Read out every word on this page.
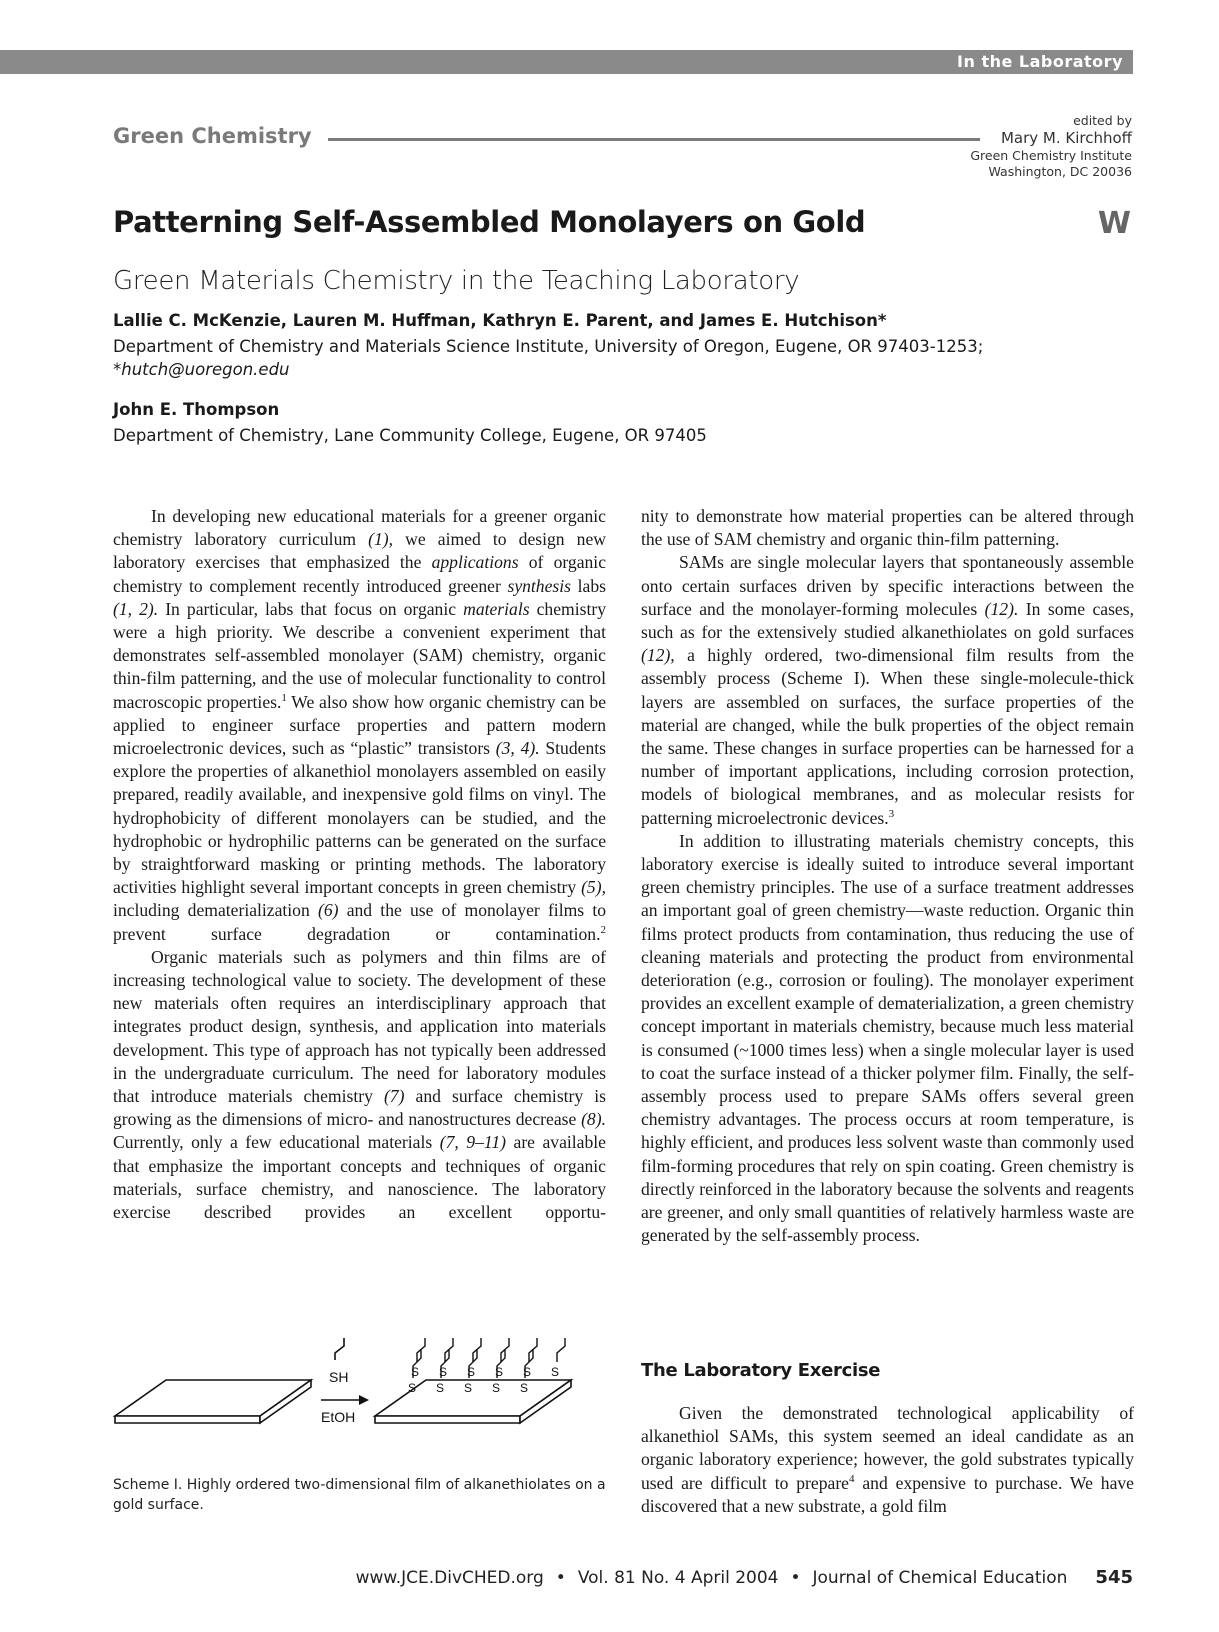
In the Laboratory
Green Chemistry
edited by
Mary M. Kirchhoff
Green Chemistry Institute
Washington, DC 20036
Patterning Self-Assembled Monolayers on Gold	W
Green Materials Chemistry in the Teaching Laboratory
Lallie C. McKenzie, Lauren M. Huffman, Kathryn E. Parent, and James E. Hutchison*
Department of Chemistry and Materials Science Institute, University of Oregon, Eugene, OR 97403-1253;
*hutch@uoregon.edu
John E. Thompson
Department of Chemistry, Lane Community College, Eugene, OR 97405

In developing new educational materials for a greener organic chemistry laboratory curriculum (1), we aimed to design new laboratory exercises that emphasized the applications of organic chemistry to complement recently introduced greener synthesis labs (1, 2). In particular, labs that focus on organic materials chemistry were a high priority. We describe a convenient experiment that demonstrates self-assembled monolayer (SAM) chemistry, organic thin-film patterning, and the use of molecular functionality to control macroscopic properties.$^1$ We also show how organic chemistry can be applied to engineer surface properties and pattern modern microelectronic devices, such as “plastic” transistors (3, 4). Students explore the properties of alkanethiol monolayers assembled on easily prepared, readily available, and inexpensive gold films on vinyl. The hydrophobicity of different monolayers can be studied, and the hydrophobic or hydrophilic patterns can be generated on the surface by straightforward masking or printing methods. The laboratory activities highlight several important concepts in green chemistry (5), including dematerialization (6) and the use of monolayer films to prevent surface degradation or contamination.$^2$

Organic materials such as polymers and thin films are of increasing technological value to society. The development of these new materials often requires an interdisciplinary approach that integrates product design, synthesis, and application into materials development. This type of approach has not typically been addressed in the undergraduate curriculum. The need for laboratory modules that introduce materials chemistry (7) and surface chemistry is growing as the dimensions of micro- and nanostructures decrease (8). Currently, only a few educational materials (7, 9–11) are available that emphasize the important concepts and techniques of organic materials, surface chemistry, and nanoscience. The laboratory exercise described provides an excellent opportu-

nity to demonstrate how material properties can be altered through the use of SAM chemistry and organic thin-film patterning.

SAMs are single molecular layers that spontaneously assemble onto certain surfaces driven by specific interactions between the surface and the monolayer-forming molecules (12). In some cases, such as for the extensively studied alkanethiolates on gold surfaces (12), a highly ordered, two-dimensional film results from the assembly process (Scheme I). When these single-molecule-thick layers are assembled on surfaces, the surface properties of the material are changed, while the bulk properties of the object remain the same. These changes in surface properties can be harnessed for a number of important applications, including corrosion protection, models of biological membranes, and as molecular resists for patterning microelectronic devices.$^3$

In addition to illustrating materials chemistry concepts, this laboratory exercise is ideally suited to introduce several important green chemistry principles. The use of a surface treatment addresses an important goal of green chemistry—waste reduction. Organic thin films protect products from contamination, thus reducing the use of cleaning materials and protecting the product from environmental deterioration (e.g., corrosion or fouling). The monolayer experiment provides an excellent example of dematerialization, a green chemistry concept important in materials chemistry, because much less material is consumed (~1000 times less) when a single molecular layer is used to coat the surface instead of a thicker polymer film. Finally, the self-assembly process used to prepare SAMs offers several green chemistry advantages. The process occurs at room temperature, is highly efficient, and produces less solvent waste than commonly used film-forming procedures that rely on spin coating. Green chemistry is directly reinforced in the laboratory because the solvents and reagents are greener, and only small quantities of relatively harmless waste are generated by the self-assembly process.

The Laboratory Exercise

Given the demonstrated technological applicability of alkanethiol SAMs, this system seemed an ideal candidate as an organic laboratory experience; however, the gold substrates typically used are difficult to prepare$^4$ and expensive to purchase. We have discovered that a new substrate, a gold film

SH
EtOH
S S S S S S
S S S S S
Scheme I. Highly ordered two-dimensional film of alkanethiolates on a gold surface.
www.JCE.DivCHED.org • Vol. 81 No. 4 April 2004 • Journal of Chemical Education 545
